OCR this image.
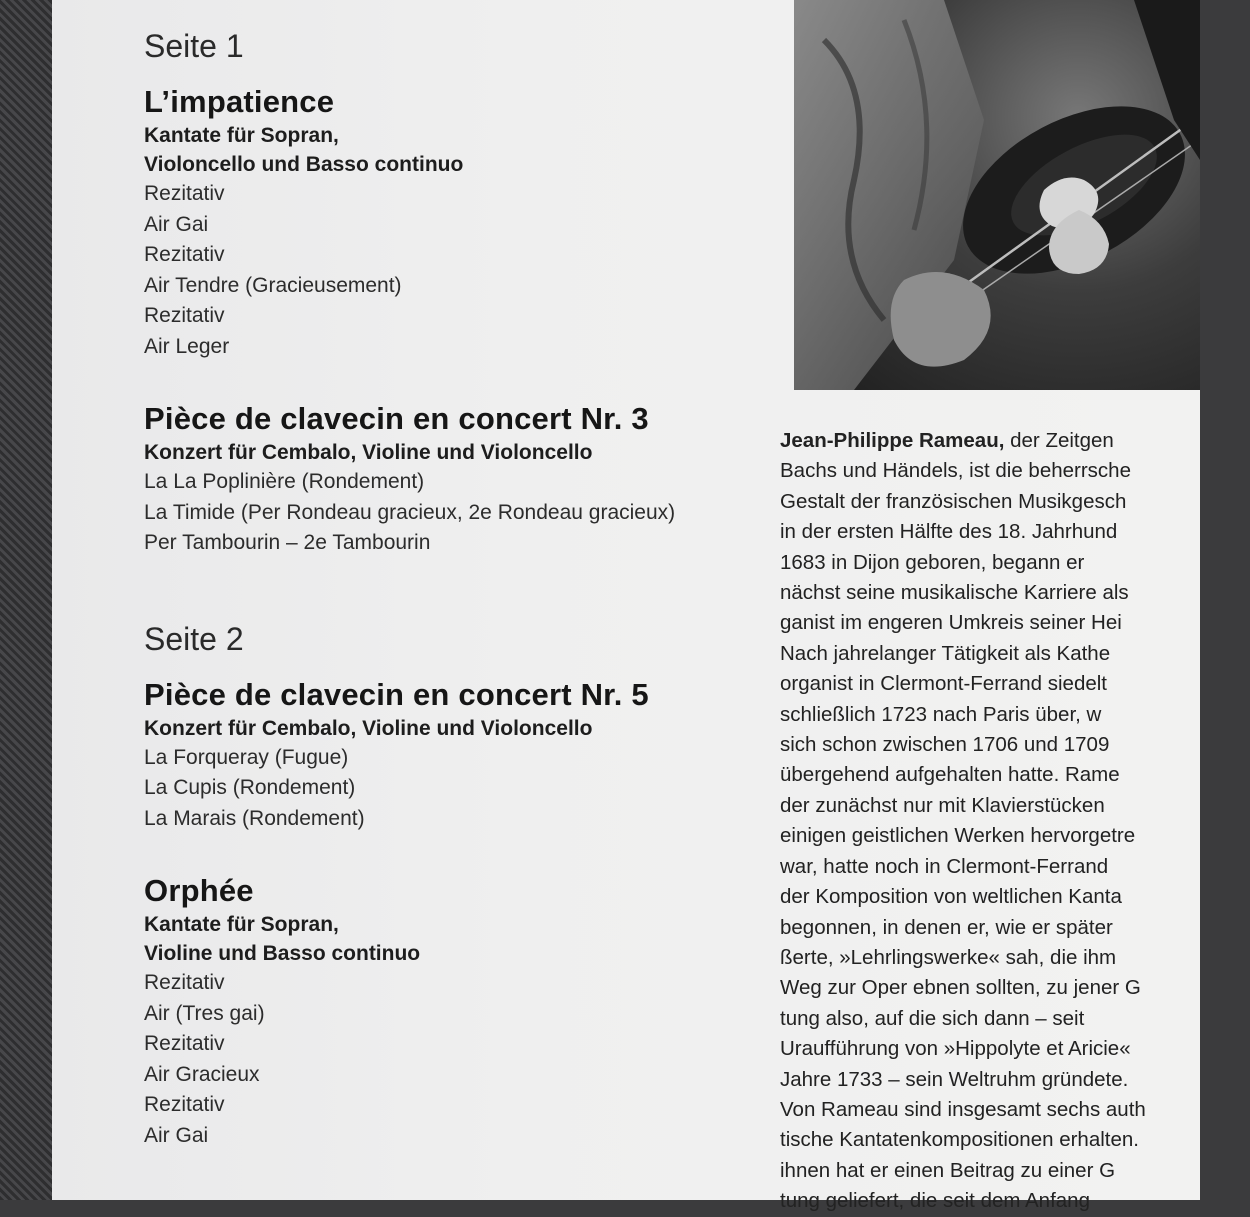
Seite 1

L’impatience

Kantate für Sopran,

Violoncello und Basso continuo

Rezitativ

Air Gai

Rezitativ

Air Tendre (Gracieusement)

Rezitativ

Air Leger

Pièce de clavecin en concert Nr. 3

Konzert für Cembalo, Violine und Violoncello

La La Poplinière (Rondement)

La Timide (Per Rondeau gracieux, 2e Rondeau gracieux)

Per Tambourin – 2e Tambourin

Seite 2

Pièce de clavecin en concert Nr. 5

Konzert für Cembalo, Violine und Violoncello

La Forqueray (Fugue)

La Cupis (Rondement)

La Marais (Rondement)

Orphée

Kantate für Sopran,

Violine und Basso continuo

Rezitativ

Air (Tres gai)

Rezitativ

Air Gracieux

Rezitativ

Air Gai

Jean-Philippe Rameau, der Zeitgen

Bachs und Händels, ist die beherrsche

Gestalt der französischen Musikgesch

in der ersten Hälfte des 18. Jahrhund

1683 in Dijon geboren, begann er

nächst seine musikalische Karriere als

ganist im engeren Umkreis seiner Hei

Nach jahrelanger Tätigkeit als Kathe

organist in Clermont-Ferrand siedelt

schließlich 1723 nach Paris über, w

sich schon zwischen 1706 und 1709

übergehend aufgehalten hatte. Rame

der zunächst nur mit Klavierstücken

einigen geistlichen Werken hervorgetre

war, hatte noch in Clermont-Ferrand

der Komposition von weltlichen Kanta

begonnen, in denen er, wie er später

ßerte, »Lehrlingswerke« sah, die ihm

Weg zur Oper ebnen sollten, zu jener G

tung also, auf die sich dann – seit

Uraufführung von »Hippolyte et Aricie«

Jahre 1733 – sein Weltruhm gründete.

Von Rameau sind insgesamt sechs auth

tische Kantatenkompositionen erhalten.

ihnen hat er einen Beitrag zu einer G

tung geliefert, die seit dem Anfang
